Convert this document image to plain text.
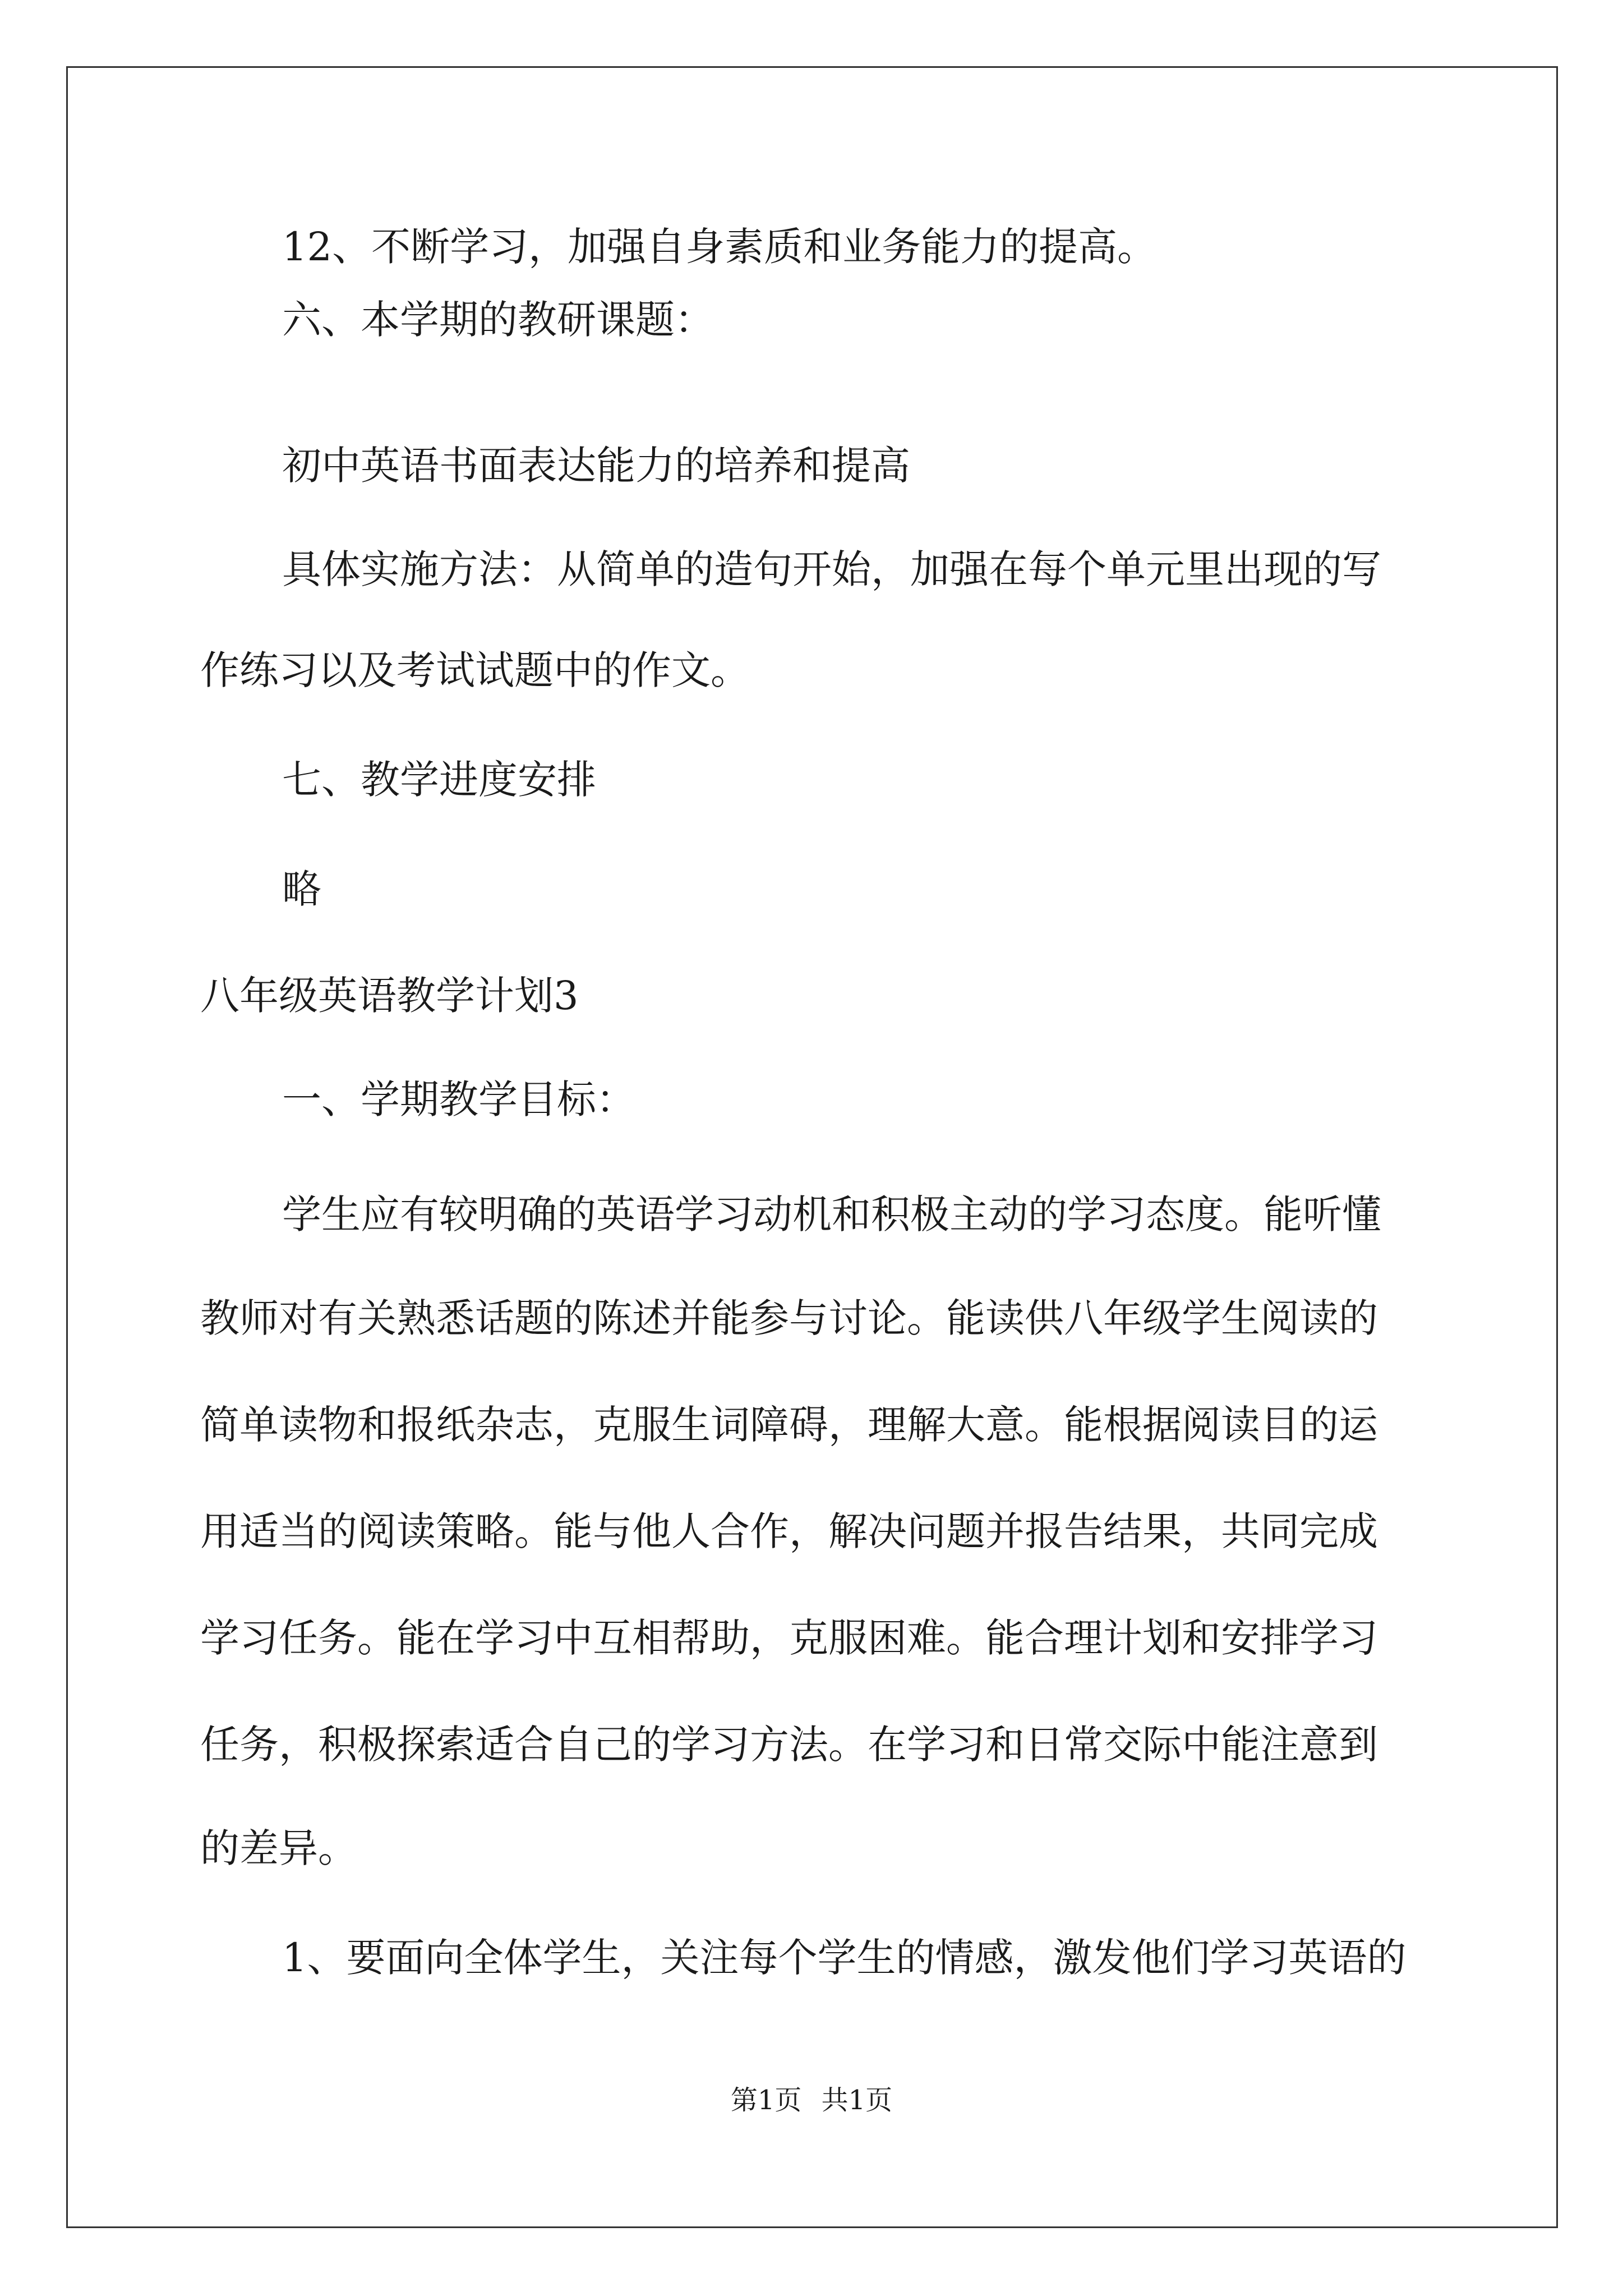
12、不断学习，加强自身素质和业务能力的提高。
六、本学期的教研课题：
初中英语书面表达能力的培养和提高
具体实施方法：从简单的造句开始，加强在每个单元里出现的写
作练习以及考试试题中的作文。
七、教学进度安排
略
八年级英语教学计划3
一、学期教学目标：
学生应有较明确的英语学习动机和积极主动的学习态度。能听懂
教师对有关熟悉话题的陈述并能参与讨论。能读供八年级学生阅读的
简单读物和报纸杂志，克服生词障碍，理解大意。能根据阅读目的运
用适当的阅读策略。能与他人合作，解决问题并报告结果，共同完成
学习任务。能在学习中互相帮助，克服困难。能合理计划和安排学习
任务，积极探索适合自己的学习方法。在学习和日常交际中能注意到
的差异。
1、要面向全体学生，关注每个学生的情感，激发他们学习英语的
第1页 共1页
